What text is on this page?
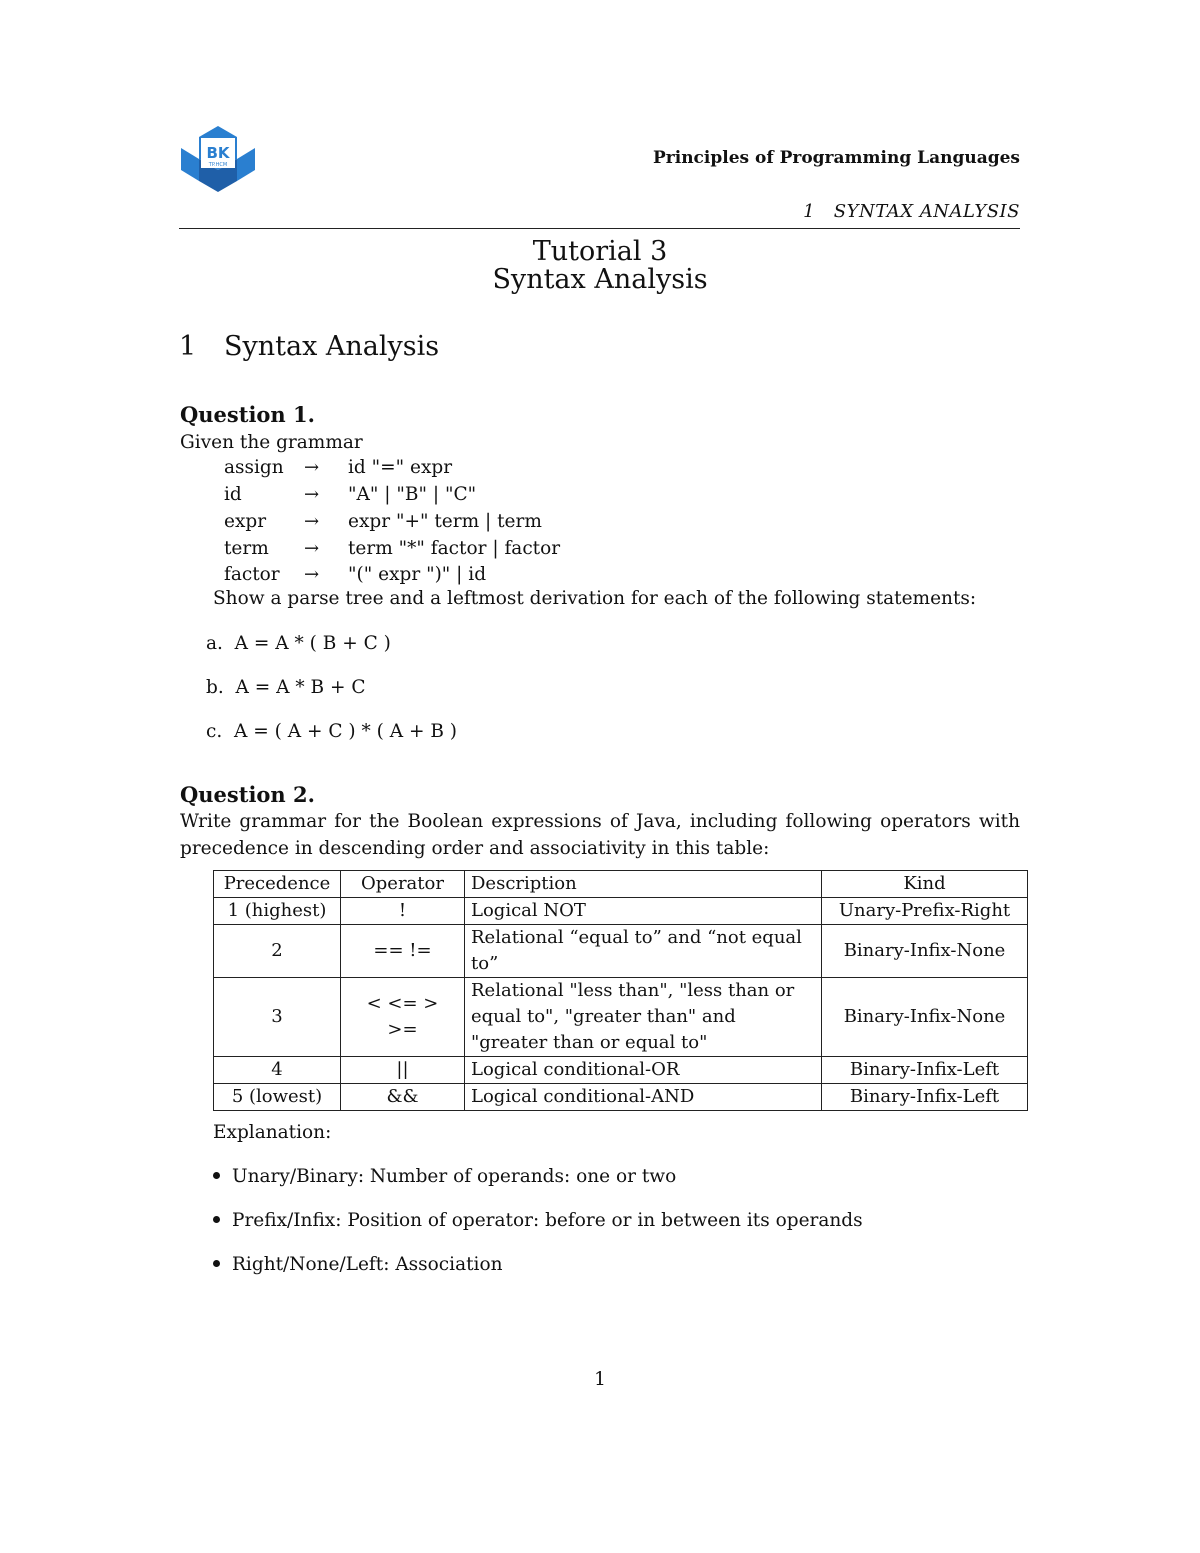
BK
TP.HCM	Principles of Programming Languages
1   SYNTAX ANALYSIS
Tutorial 3
Syntax Analysis
1 Syntax Analysis
Question 1.
Given the grammar
assign → id "=" expr
id	→ "A" | "B" | "C"
expr → expr "+" term | term
term → term "*" factor | factor
factor → "(" expr ")" | id
Show a parse tree and a leftmost derivation for each of the following statements:
a.  A = A * ( B + C )
b.  A = A * B + C
c.  A = ( A + C ) * ( A + B )
Question 2.
Write grammar for the Boolean expressions of Java, including following operators with
precedence in descending order and associativity in this table:
Precedence	Operator	Description	Kind
1 (highest)	!	Logical NOT	Unary-Prefix-Right
2	== !=	Relational “equal to” and “not equal to”	Binary-Infix-None
3	< <= > >=	Relational "less than", "less than or equal to", "greater than" and "greater than or equal to"	Binary-Infix-None
4	||	Logical conditional-OR	Binary-Infix-Left
5 (lowest)	&&	Logical conditional-AND	Binary-Infix-Left
Explanation:
Unary/Binary: Number of operands: one or two
Prefix/Infix: Position of operator: before or in between its operands
Right/None/Left: Association
1
